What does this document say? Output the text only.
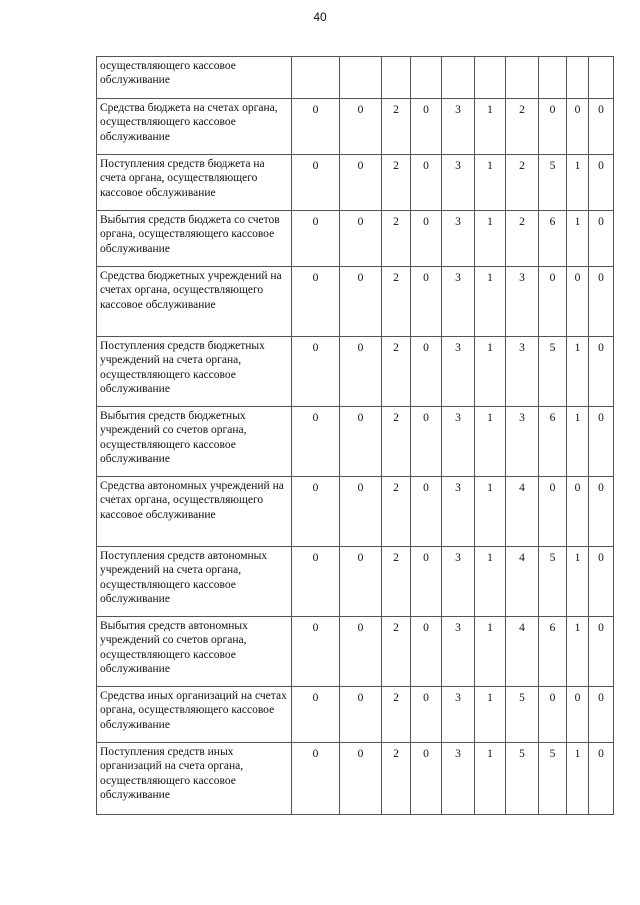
40
осуществляющего кассовое обслуживание										
Средства бюджета на счетах органа, осуществляющего кассовое обслуживание	0	0	2	0	3	1	2	0	0	0
Поступления средств бюджета на счета органа, осуществляющего кассовое обслуживание	0	0	2	0	3	1	2	5	1	0
Выбытия средств бюджета со счетов органа, осуществляющего кассовое обслуживание	0	0	2	0	3	1	2	6	1	0
Средства бюджетных учреждений на счетах органа, осуществляющего кассовое обслуживание	0	0	2	0	3	1	3	0	0	0
Поступления средств бюджетных учреждений на счета органа, осуществляющего кассовое обслуживание	0	0	2	0	3	1	3	5	1	0
Выбытия средств бюджетных учреждений со счетов органа, осуществляющего кассовое обслуживание	0	0	2	0	3	1	3	6	1	0
Средства автономных учреждений на счетах органа, осуществляющего кассовое обслуживание	0	0	2	0	3	1	4	0	0	0
Поступления средств автономных учреждений на счета органа, осуществляющего кассовое обслуживание	0	0	2	0	3	1	4	5	1	0
Выбытия средств автономных учреждений со счетов органа, осуществляющего кассовое обслуживание	0	0	2	0	3	1	4	6	1	0
Средства иных организаций на счетах органа, осуществляющего кассовое обслуживание	0	0	2	0	3	1	5	0	0	0
Поступления средств иных организаций на счета органа, осуществляющего кассовое обслуживание	0	0	2	0	3	1	5	5	1	0
